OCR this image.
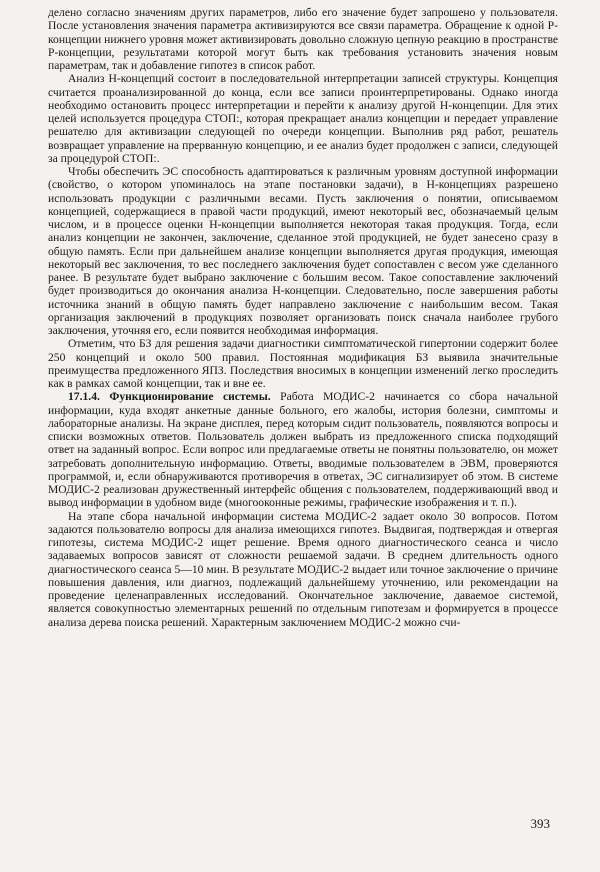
делено согласно значениям других параметров, либо его значение будет запрошено у пользователя. После установления значения параметра активизируются все связи параметра. Обращение к одной Р-концепции нижнего уровня может активизировать довольно сложную цепную реакцию в пространстве Р-концепции, результатами которой могут быть как требования установить значения новым параметрам, так и добавление гипотез в список работ.

Анализ Н-концепций состоит в последовательной интерпретации записей структуры. Концепция считается проанализированной до конца, если все записи проинтерпретированы. Однако иногда необходимо остановить процесс интерпретации и перейти к анализу другой Н-концепции. Для этих целей используется процедура СТОП:, которая прекращает анализ концепции и передает управление решателю для активизации следующей по очереди концепции. Выполнив ряд работ, решатель возвращает управление на прерванную концепцию, и ее анализ будет продолжен с записи, следующей за процедурой СТОП:.

Чтобы обеспечить ЭС способность адаптироваться к различным уровням доступной информации (свойство, о котором упоминалось на этапе постановки задачи), в Н-концепциях разрешено использовать продукции с различными весами. Пусть заключения о понятии, описываемом концепцией, содержащиеся в правой части продукций, имеют некоторый вес, обозначаемый целым числом, и в процессе оценки Н-концепции выполняется некоторая такая продукция. Тогда, если анализ концепции не закончен, заключение, сделанное этой продукцией, не будет занесено сразу в общую память. Если при дальнейшем анализе концепции выполняется другая продукция, имеющая некоторый вес заключения, то вес последнего заключения будет сопоставлен с весом уже сделанного ранее. В результате будет выбрано заключение с большим весом. Такое сопоставление заключений будет производиться до окончания анализа Н-концепции. Следовательно, после завершения работы источника знаний в общую память будет направлено заключение с наибольшим весом. Такая организация заключений в продукциях позволяет организовать поиск сначала наиболее грубого заключения, уточняя его, если появится необходимая информация.

Отметим, что БЗ для решения задачи диагностики симптоматической гипертонии содержит более 250 концепций и около 500 правил. Постоянная модификация БЗ выявила значительные преимущества предложенного ЯПЗ. Последствия вносимых в концепции изменений легко проследить как в рамках самой концепции, так и вне ее.

17.1.4. Функционирование системы. Работа МОДИС-2 начинается со сбора начальной информации, куда входят анкетные данные больного, его жалобы, история болезни, симптомы и лабораторные анализы. На экране дисплея, перед которым сидит пользователь, появляются вопросы и списки возможных ответов. Пользователь должен выбрать из предложенного списка подходящий ответ на заданный вопрос. Если вопрос или предлагаемые ответы не понятны пользователю, он может затребовать дополнительную информацию. Ответы, вводимые пользователем в ЭВМ, проверяются программой, и, если обнаруживаются противоречия в ответах, ЭС сигнализирует об этом. В системе МОДИС-2 реализован дружественный интерфейс общения с пользователем, поддерживающий ввод и вывод информации в удобном виде (многооконные режимы, графические изображения и т. п.).

На этапе сбора начальной информации система МОДИС-2 задает около 30 вопросов. Потом задаются пользователю вопросы для анализа имеющихся гипотез. Выдвигая, подтверждая и отвергая гипотезы, система МОДИС-2 ищет решение. Время одного диагностического сеанса и число задаваемых вопросов зависят от сложности решаемой задачи. В среднем длительность одного диагностического сеанса 5—10 мин. В результате МОДИС-2 выдает или точное заключение о причине повышения давления, или диагноз, подлежащий дальнейшему уточнению, или рекомендации на проведение целенаправленных исследований. Окончательное заключение, даваемое системой, является совокупностью элементарных решений по отдельным гипотезам и формируется в процессе анализа дерева поиска решений. Характерным заключением МОДИС-2 можно счи-

393
